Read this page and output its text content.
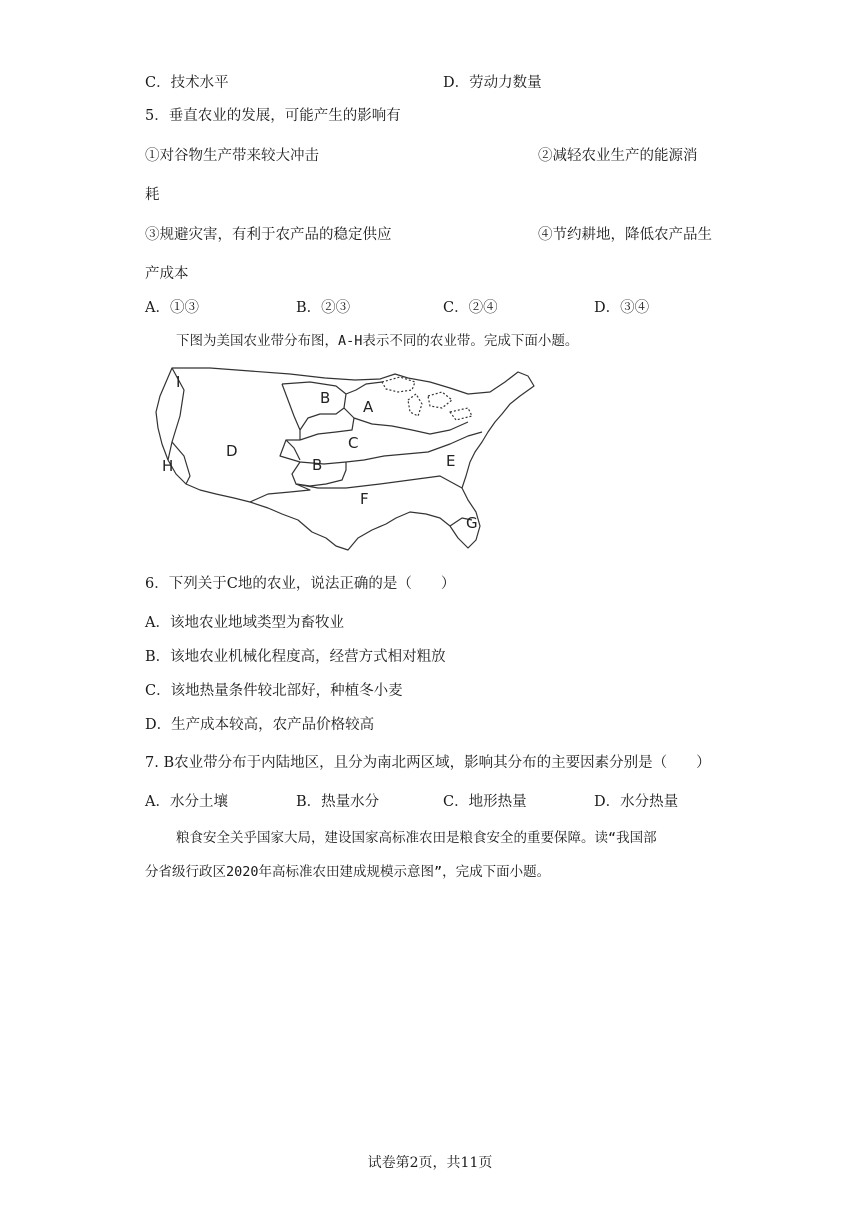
C．技术水平	D．劳动力数量
5．垂直农业的发展，可能产生的影响有
①对谷物生产带来较大冲击	②减轻农业生产的能源消
耗
③规避灾害，有利于农产品的稳定供应	④节约耕地，降低农产品生
产成本
A．①③	B．②③	C．②④	D．③④
下图为美国农业带分布图，A-H表示不同的农业带。完成下面小题。
I
B A
C
D
H	B	E
F
G
6．下列关于C地的农业，说法正确的是（　　）
A．该地农业地域类型为畜牧业
B．该地农业机械化程度高，经营方式相对粗放
C．该地热量条件较北部好，种植冬小麦
D．生产成本较高，农产品价格较高
7. B农业带分布于内陆地区，且分为南北两区域，影响其分布的主要因素分别是（　　）
A．水分土壤	B．热量水分	C．地形热量	D．水分热量
粮食安全关乎国家大局，建设国家高标准农田是粮食安全的重要保障。读“我国部
分省级行政区2020年高标准农田建成规模示意图”，完成下面小题。
试卷第2页，共11页
